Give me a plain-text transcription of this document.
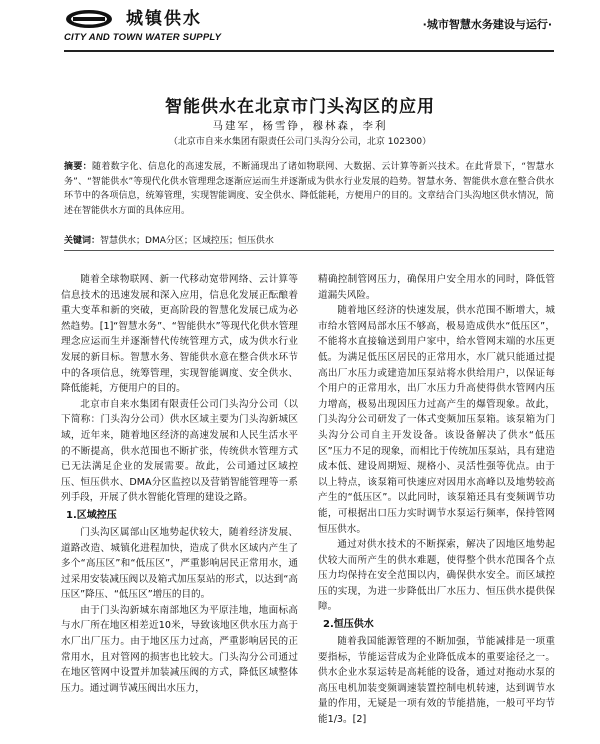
城镇供水
CITY AND TOWN WATER SUPPLY
·城市智慧水务建设与运行·
智能供水在北京市门头沟区的应用
马建军，杨雪铮，穆林森，李利
（北京市自来水集团有限责任公司门头沟分公司，北京 102300）
摘要：随着数字化、信息化的高速发展，不断涌现出了诸如物联网、大数据、云计算等新兴技术。在此背景下，“智慧水务”、“智能供水”等现代化供水管理理念逐渐应运而生并逐渐成为供水行业发展的趋势。智慧水务、智能供水意在整合供水环节中的各项信息，统筹管理，实现智能调度、安全供水、降低能耗，方便用户的目的。文章结合门头沟地区供水情况，简述在智能供水方面的具体应用。
关键词：智慧供水；DMA分区；区域控压；恒压供水

随着全球物联网、新一代移动宽带网络、云计算等信息技术的迅速发展和深入应用，信息化发展正酝酿着重大变革和新的突破，更高阶段的智慧化发展已成为必然趋势。[1]“智慧水务”、“智能供水”等现代化供水管理理念应运而生并逐渐替代传统管理方式，成为供水行业发展的新目标。智慧水务、智能供水意在整合供水环节中的各项信息，统筹管理，实现智能调度、安全供水、降低能耗，方便用户的目的。

北京市自来水集团有限责任公司门头沟分公司（以下简称：门头沟分公司）供水区域主要为门头沟新城区域，近年来，随着地区经济的高速发展和人民生活水平的不断提高，供水范围也不断扩张，传统供水管理方式已无法满足企业的发展需要。故此，公司通过区域控压、恒压供水、DMA分区监控以及营销智能管理等一系列手段，开展了供水智能化管理的建设之路。

1.区域控压

门头沟区属部山区地势起伏较大，随着经济发展、道路改造、城镇化进程加快，造成了供水区域内产生了多个“高压区”和“低压区”，严重影响居民正常用水，通过采用安装减压阀以及箱式加压泵站的形式，以达到“高压区”降压、“低压区”增压的目的。

由于门头沟新城东南部地区为平原洼地，地面标高与水厂所在地区相差近10米，导致该地区供水压力高于水厂出厂压力。由于地区压力过高，严重影响居民的正常用水，且对管网的损害也比较大。门头沟分公司通过在地区管网中设置并加装减压阀的方式，降低区域整体压力。通过调节减压阀出水压力，

精确控制管网压力，确保用户安全用水的同时，降低管道漏失风险。

随着地区经济的快速发展，供水范围不断增大，城市给水管网局部水压不够高，极易造成供水“低压区”，不能将水直接输送到用户家中，给水管网末端的水压更低。为满足低压区居民的正常用水，水厂就只能通过提高出厂水压力或建造加压泵站将水供给用户，以保证每个用户的正常用水，出厂水压力升高使得供水管网内压力增高，极易出现因压力过高产生的爆管现象。故此，门头沟分公司研发了一体式变频加压泵箱。该泵箱为门头沟分公司自主开发设备。该设备解决了供水“低压区”压力不足的现象，而相比于传统加压泵站，具有建造成本低、建设周期短、规格小、灵活性强等优点。由于以上特点，该泵箱可快速应对因用水高峰以及地势较高产生的“低压区”。以此同时，该泵箱还具有变频调节功能，可根据出口压力实时调节水泵运行频率，保持管网恒压供水。

通过对供水技术的不断探索，解决了因地区地势起伏较大而所产生的供水难题，使得整个供水范围各个点压力均保持在安全范围以内，确保供水安全。而区域控压的实现，为进一步降低出厂水压力、恒压供水提供保障。

2.恒压供水

随着我国能源管理的不断加强，节能减排是一项重要指标，节能运营成为企业降低成本的重要途径之一。供水企业水泵运转是高耗能的设备，通过对拖动水泵的高压电机加装变频调速装置控制电机转速，达到调节水量的作用，无疑是一项有效的节能措施，一般可平均节能1/3。[2]
